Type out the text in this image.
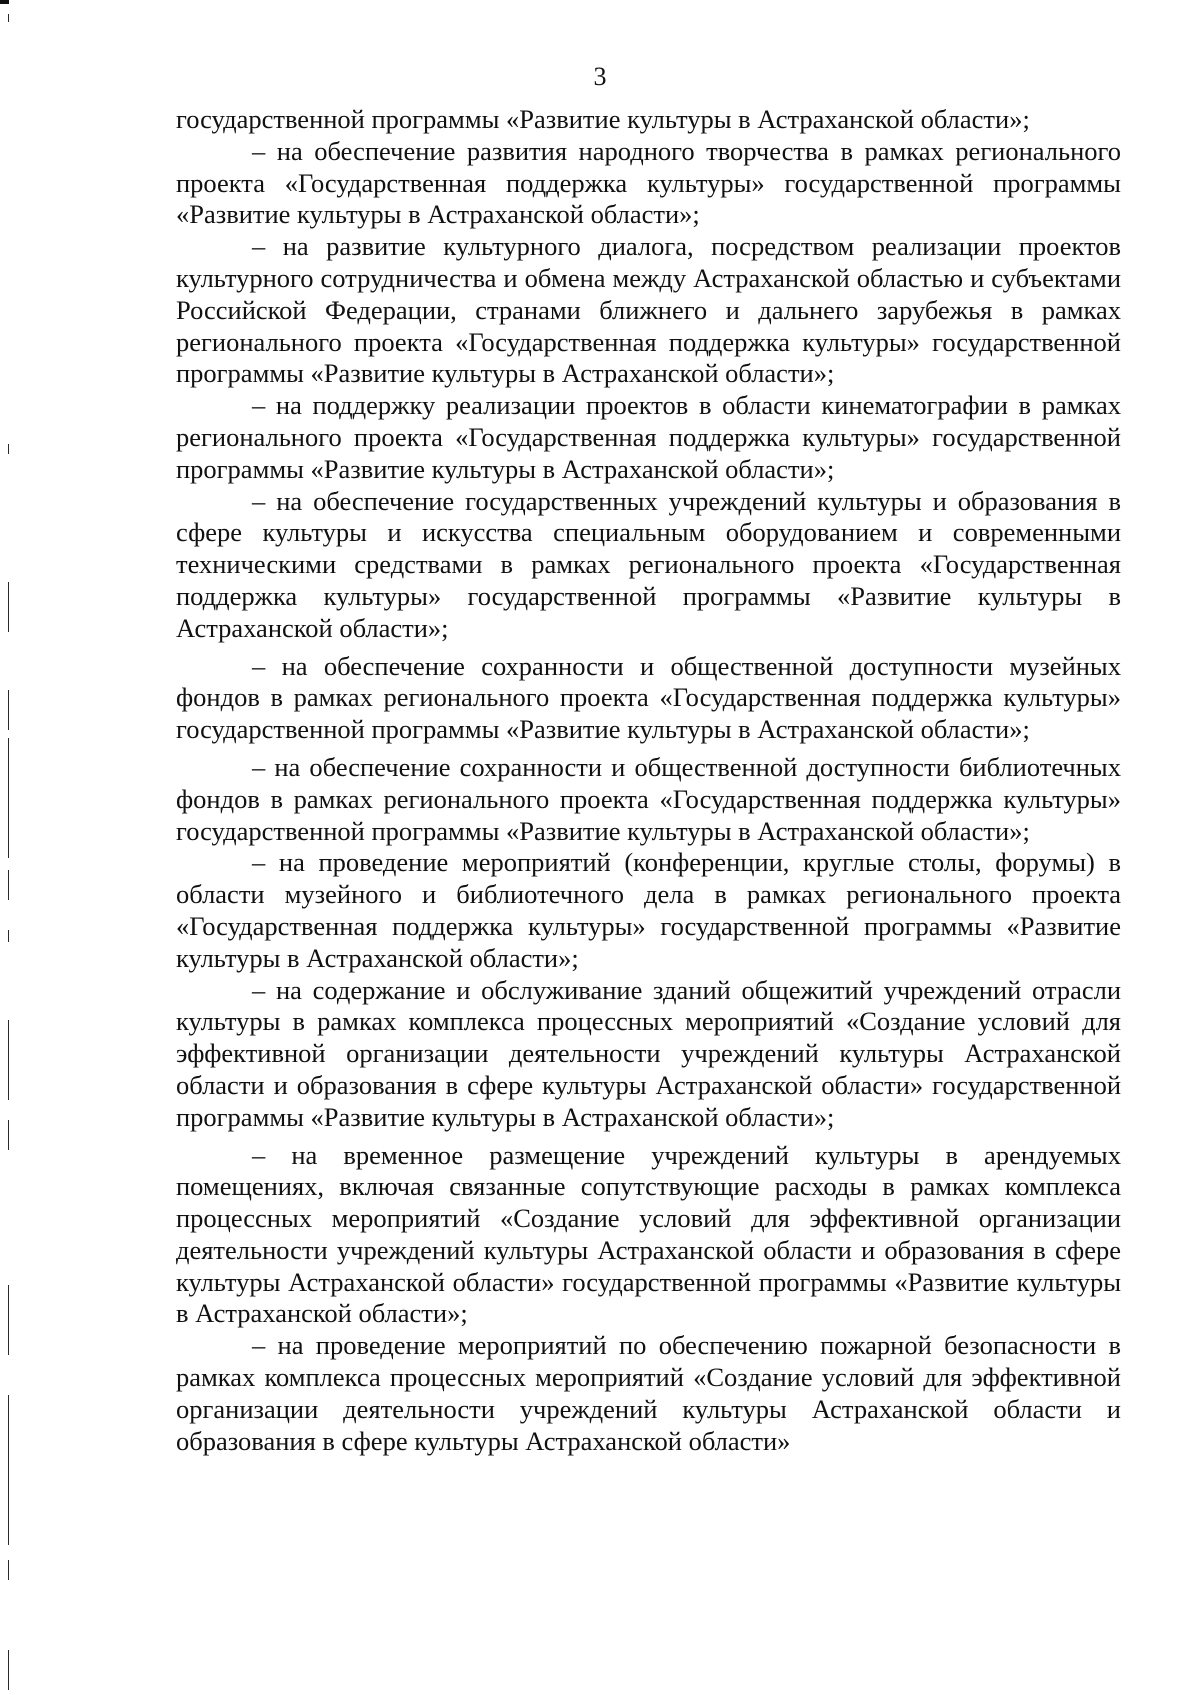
3

государственной программы «Развитие культуры в Астраханской области»;

– на обеспечение развития народного творчества в рамках регионального проекта «Государственная поддержка культуры» государственной программы «Развитие культуры в Астраханской области»;

– на развитие культурного диалога, посредством реализации проектов культурного сотрудничества и обмена между Астраханской областью и субъектами Российской Федерации, странами ближнего и дальнего зарубежья в рамках регионального проекта «Государственная поддержка культуры» государственной программы «Развитие культуры в Астраханской области»;

– на поддержку реализации проектов в области кинематографии в рамках регионального проекта «Государственная поддержка культуры» государственной программы «Развитие культуры в Астраханской области»;

– на обеспечение государственных учреждений культуры и образования в сфере культуры и искусства специальным оборудованием и современными техническими средствами в рамках регионального проекта «Государственная поддержка культуры» государственной программы «Развитие культуры в Астраханской области»;

– на обеспечение сохранности и общественной доступности музейных фондов в рамках регионального проекта «Государственная поддержка культуры» государственной программы «Развитие культуры в Астраханской области»;

– на обеспечение сохранности и общественной доступности библиотечных фондов в рамках регионального проекта «Государственная поддержка культуры» государственной программы «Развитие культуры в Астраханской области»;

– на проведение мероприятий (конференции, круглые столы, форумы) в области музейного и библиотечного дела в рамках регионального проекта «Государственная поддержка культуры» государственной программы «Развитие культуры в Астраханской области»;

– на содержание и обслуживание зданий общежитий учреждений отрасли культуры в рамках комплекса процессных мероприятий «Создание условий для эффективной организации деятельности учреждений культуры Астраханской области и образования в сфере культуры Астраханской области» государственной программы «Развитие культуры в Астраханской области»;

– на временное размещение учреждений культуры в арендуемых помещениях, включая связанные сопутствующие расходы в рамках комплекса процессных мероприятий «Создание условий для эффективной организации деятельности учреждений культуры Астраханской области и образования в сфере культуры Астраханской области» государственной программы «Развитие культуры в Астраханской области»;

– на проведение мероприятий по обеспечению пожарной безопасности в рамках комплекса процессных мероприятий «Создание условий для эффективной организации деятельности учреждений культуры Астраханской области и образования в сфере культуры Астраханской области»
